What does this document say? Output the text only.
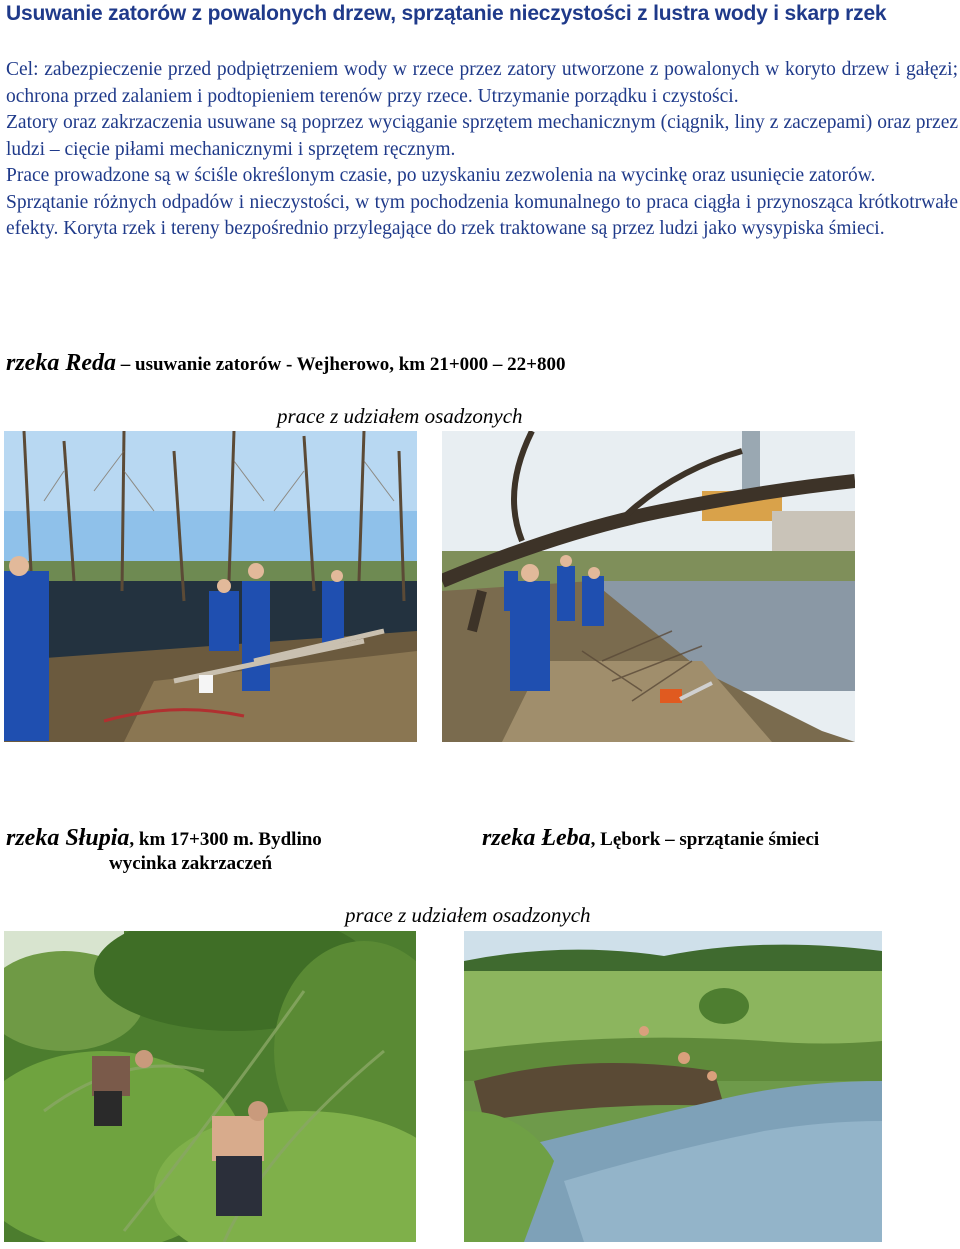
Usuwanie zatorów z powalonych drzew, sprzątanie nieczystości z lustra wody i skarp rzek

Cel: zabezpieczenie przed podpiętrzeniem wody w rzece przez zatory utworzone z powalonych w koryto drzew i gałęzi; ochrona przed zalaniem i podtopieniem terenów przy rzece. Utrzymanie porządku i czystości.

Zatory oraz zakrzaczenia usuwane są poprzez wyciąganie sprzętem mechanicznym (ciągnik, liny z zaczepami) oraz przez ludzi – cięcie piłami mechanicznymi i sprzętem ręcznym.

Prace prowadzone są w ściśle określonym czasie, po uzyskaniu zezwolenia na wycinkę oraz usunięcie zatorów.

Sprzątanie różnych odpadów i nieczystości, w tym pochodzenia komunalnego to praca ciągła i przynosząca krótkotrwałe efekty. Koryta rzek i tereny bezpośrednio przylegające do rzek traktowane są przez ludzi jako wysypiska śmieci.

rzeka Reda – usuwanie zatorów - Wejherowo, km 21+000 – 22+800
prace z udziałem osadzonych
rzeka Słupia, km 17+300 m. Bydlino
wycinka zakrzaczeń
rzeka Łeba, Lębork – sprzątanie śmieci
prace z udziałem osadzonych
